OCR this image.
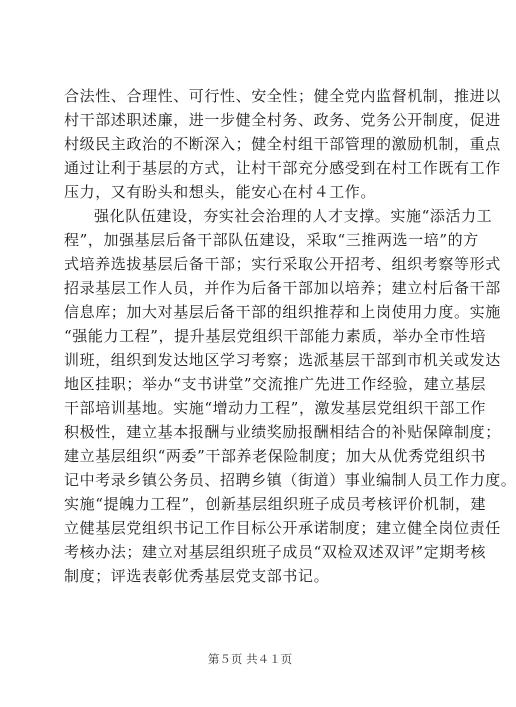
合法性、合理性、可行性、安全性；健全党内监督机制，推进以
村干部述职述廉，进一步健全村务、政务、党务公开制度，促进
村级民主政治的不断深入；健全村组干部管理的激励机制，重点
通过让利于基层的方式，让村干部充分感受到在村工作既有工作
压力，又有盼头和想头，能安心在村４工作。
强化队伍建设，夯实社会治理的人才支撑。实施“添活力工
程”，加强基层后备干部队伍建设，采取“三推两选一培”的方
式培养选拔基层后备干部；实行采取公开招考、组织考察等形式
招录基层工作人员，并作为后备干部加以培养；建立村后备干部
信息库；加大对基层后备干部的组织推荐和上岗使用力度。实施
“强能力工程”，提升基层党组织干部能力素质，举办全市性培
训班，组织到发达地区学习考察；选派基层干部到市机关或发达
地区挂职；举办“支书讲堂”交流推广先进工作经验，建立基层
干部培训基地。实施“增动力工程”，激发基层党组织干部工作
积极性，建立基本报酬与业绩奖励报酬相结合的补贴保障制度；
建立基层组织“两委”干部养老保险制度；加大从优秀党组织书
记中考录乡镇公务员、招聘乡镇（街道）事业编制人员工作力度。
实施“提魄力工程”，创新基层组织班子成员考核评价机制，建
立健基层党组织书记工作目标公开承诺制度；建立健全岗位责任
考核办法；建立对基层组织班子成员“双检双述双评”定期考核
制度；评选表彰优秀基层党支部书记。
第５页 共４１页
